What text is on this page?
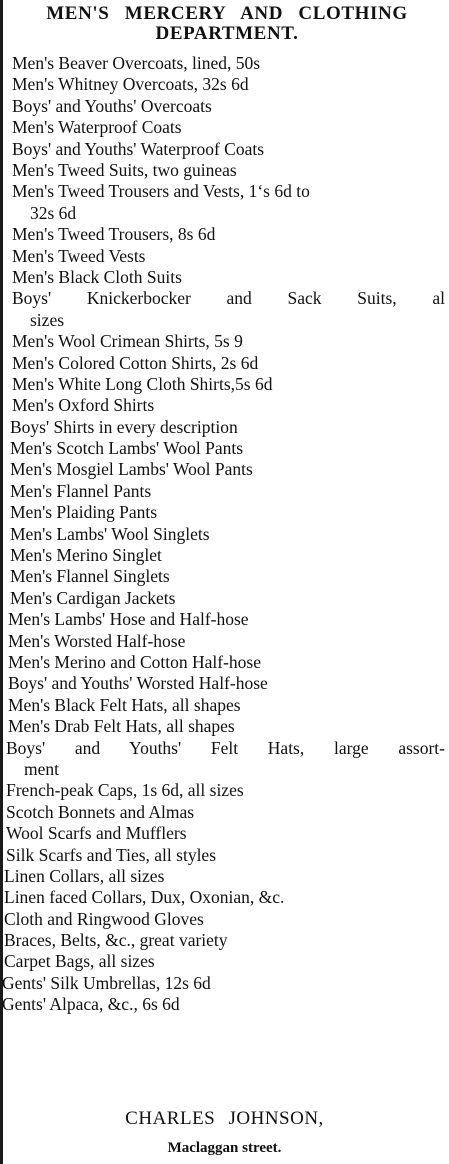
MEN'S MERCERY AND CLOTHING
DEPARTMENT.
Men's Beaver Overcoats, lined, 50s
Men's Whitney Overcoats, 32s 6d
Boys' and Youths' Overcoats
Men's Waterproof Coats
Boys' and Youths' Waterproof Coats
Men's Tweed Suits, two guineas
Men's Tweed Trousers and Vests, 1‘s 6d to
32s 6d
Men's Tweed Trousers, 8s 6d
Men's Tweed Vests
Men's Black Cloth Suits
Boys' Knickerbocker and Sack Suits, al
sizes
Men's Wool Crimean Shirts, 5s 9
Men's Colored Cotton Shirts, 2s 6d
Men's White Long Cloth Shirts,5s 6d
Men's Oxford Shirts
Boys' Shirts in every description
Men's Scotch Lambs' Wool Pants
Men's Mosgiel Lambs' Wool Pants
Men's Flannel Pants
Men's Plaiding Pants
Men's Lambs' Wool Singlets
Men's Merino Singlet
Men's Flannel Singlets
Men's Cardigan Jackets
Men's Lambs' Hose and Half-hose
Men's Worsted Half-hose
Men's Merino and Cotton Half-hose
Boys' and Youths' Worsted Half-hose
Men's Black Felt Hats, all shapes
Men's Drab Felt Hats, all shapes
Boys' and Youths' Felt Hats, large assort-
ment
French-peak Caps, 1s 6d, all sizes
Scotch Bonnets and Almas
Wool Scarfs and Mufflers
Silk Scarfs and Ties, all styles
Linen Collars, all sizes
Linen faced Collars, Dux, Oxonian, &c.
Cloth and Ringwood Gloves
Braces, Belts, &c., great variety
Carpet Bags, all sizes
Gents' Silk Umbrellas, 12s 6d
Gents' Alpaca, &c., 6s 6d
CHARLES JOHNSON,
Maclaggan street.
